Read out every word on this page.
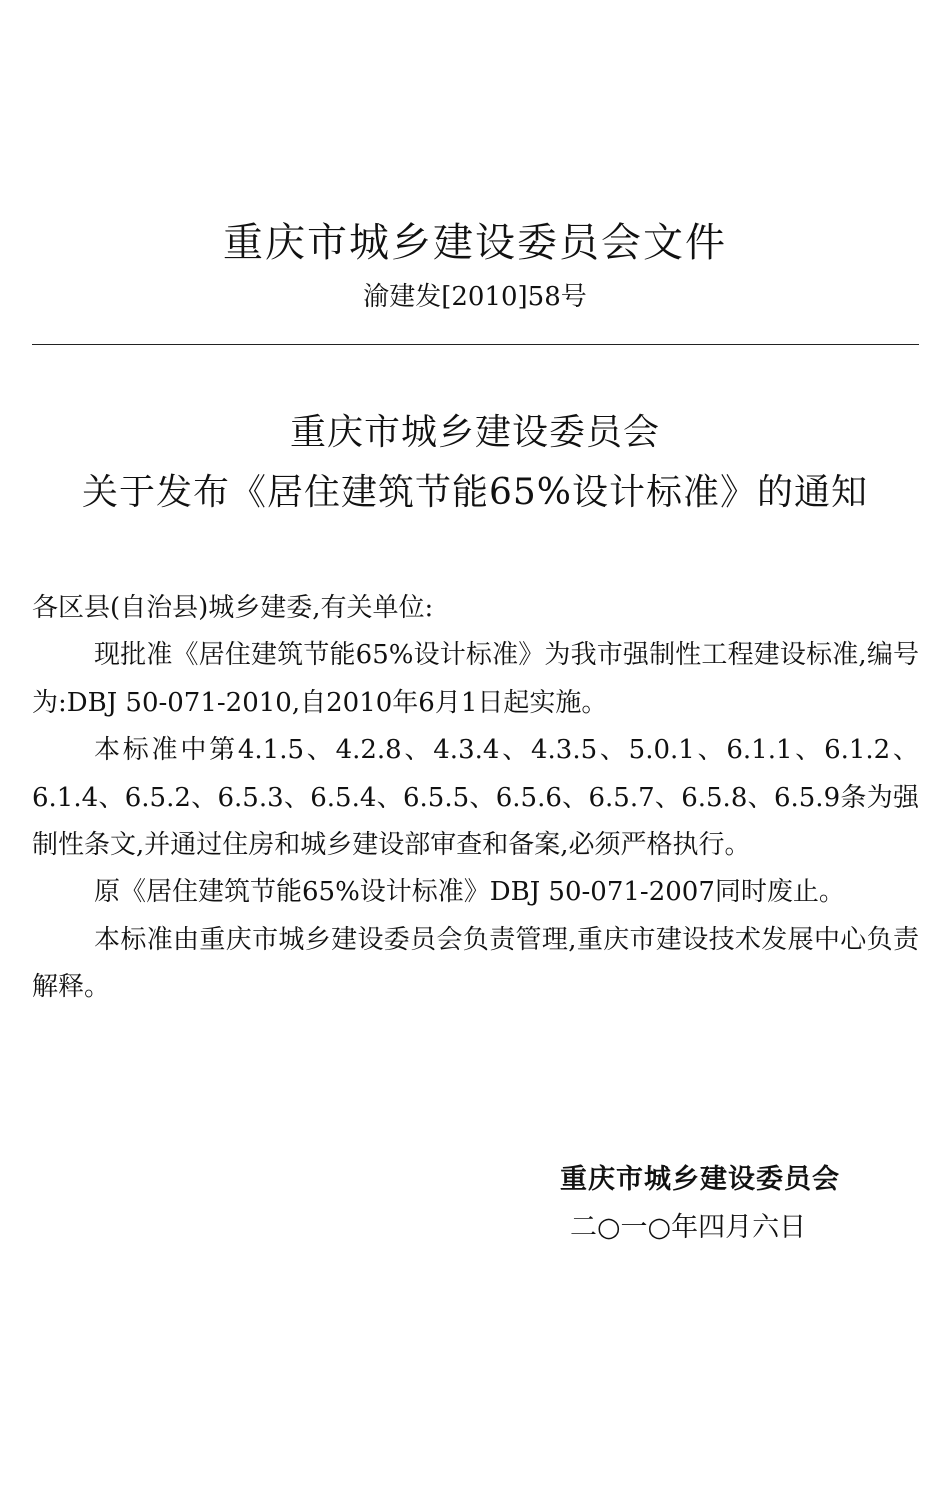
重庆市城乡建设委员会文件
渝建发[2010]58号
重庆市城乡建设委员会
关于发布《居住建筑节能65%设计标准》的通知

各区县(自治县)城乡建委,有关单位:

现批准《居住建筑节能65%设计标准》为我市强制性工程建设标准,编号为:DBJ 50-071-2010,自2010年6月1日起实施。

本标准中第4.1.5、4.2.8、4.3.4、4.3.5、5.0.1、6.1.1、6.1.2、6.1.4、6.5.2、6.5.3、6.5.4、6.5.5、6.5.6、6.5.7、6.5.8、6.5.9条为强制性条文,并通过住房和城乡建设部审查和备案,必须严格执行。

原《居住建筑节能65%设计标准》DBJ 50-071-2007同时废止。

本标准由重庆市城乡建设委员会负责管理,重庆市建设技术发展中心负责解释。

重庆市城乡建设委员会
二○一○年四月六日
